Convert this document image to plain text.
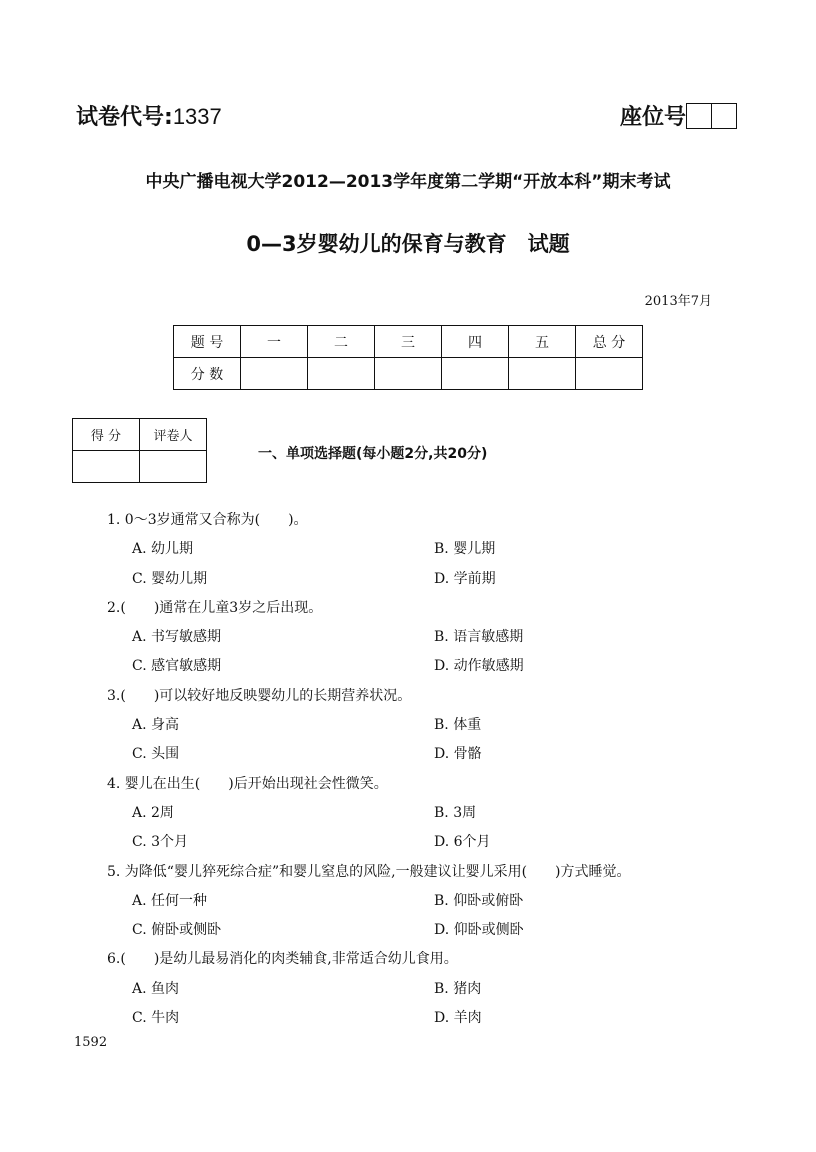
试卷代号:1337	座位号
中央广播电视大学2012—2013学年度第二学期“开放本科”期末考试
0—3岁婴幼儿的保育与教育　试题
2013年7月
题 号	一	二	三	四	五	总 分
分 数						
得 分	评卷人

一、单项选择题(每小题2分,共20分)
1. 0～3岁通常又合称为(　　)。
A. 幼儿期	B. 婴儿期
C. 婴幼儿期	D. 学前期
2.(　　)通常在儿童3岁之后出现。
A. 书写敏感期	B. 语言敏感期
C. 感官敏感期	D. 动作敏感期
3.(　　)可以较好地反映婴幼儿的长期营养状况。
A. 身高	B. 体重
C. 头围	D. 骨骼
4. 婴儿在出生(　　)后开始出现社会性微笑。
A. 2周	B. 3周
C. 3个月	D. 6个月
5. 为降低“婴儿猝死综合症”和婴儿窒息的风险,一般建议让婴儿采用(　　)方式睡觉。
A. 任何一种	B. 仰卧或俯卧
C. 俯卧或侧卧	D. 仰卧或侧卧
6.(　　)是幼儿最易消化的肉类辅食,非常适合幼儿食用。
A. 鱼肉	B. 猪肉
C. 牛肉	D. 羊肉
1592
